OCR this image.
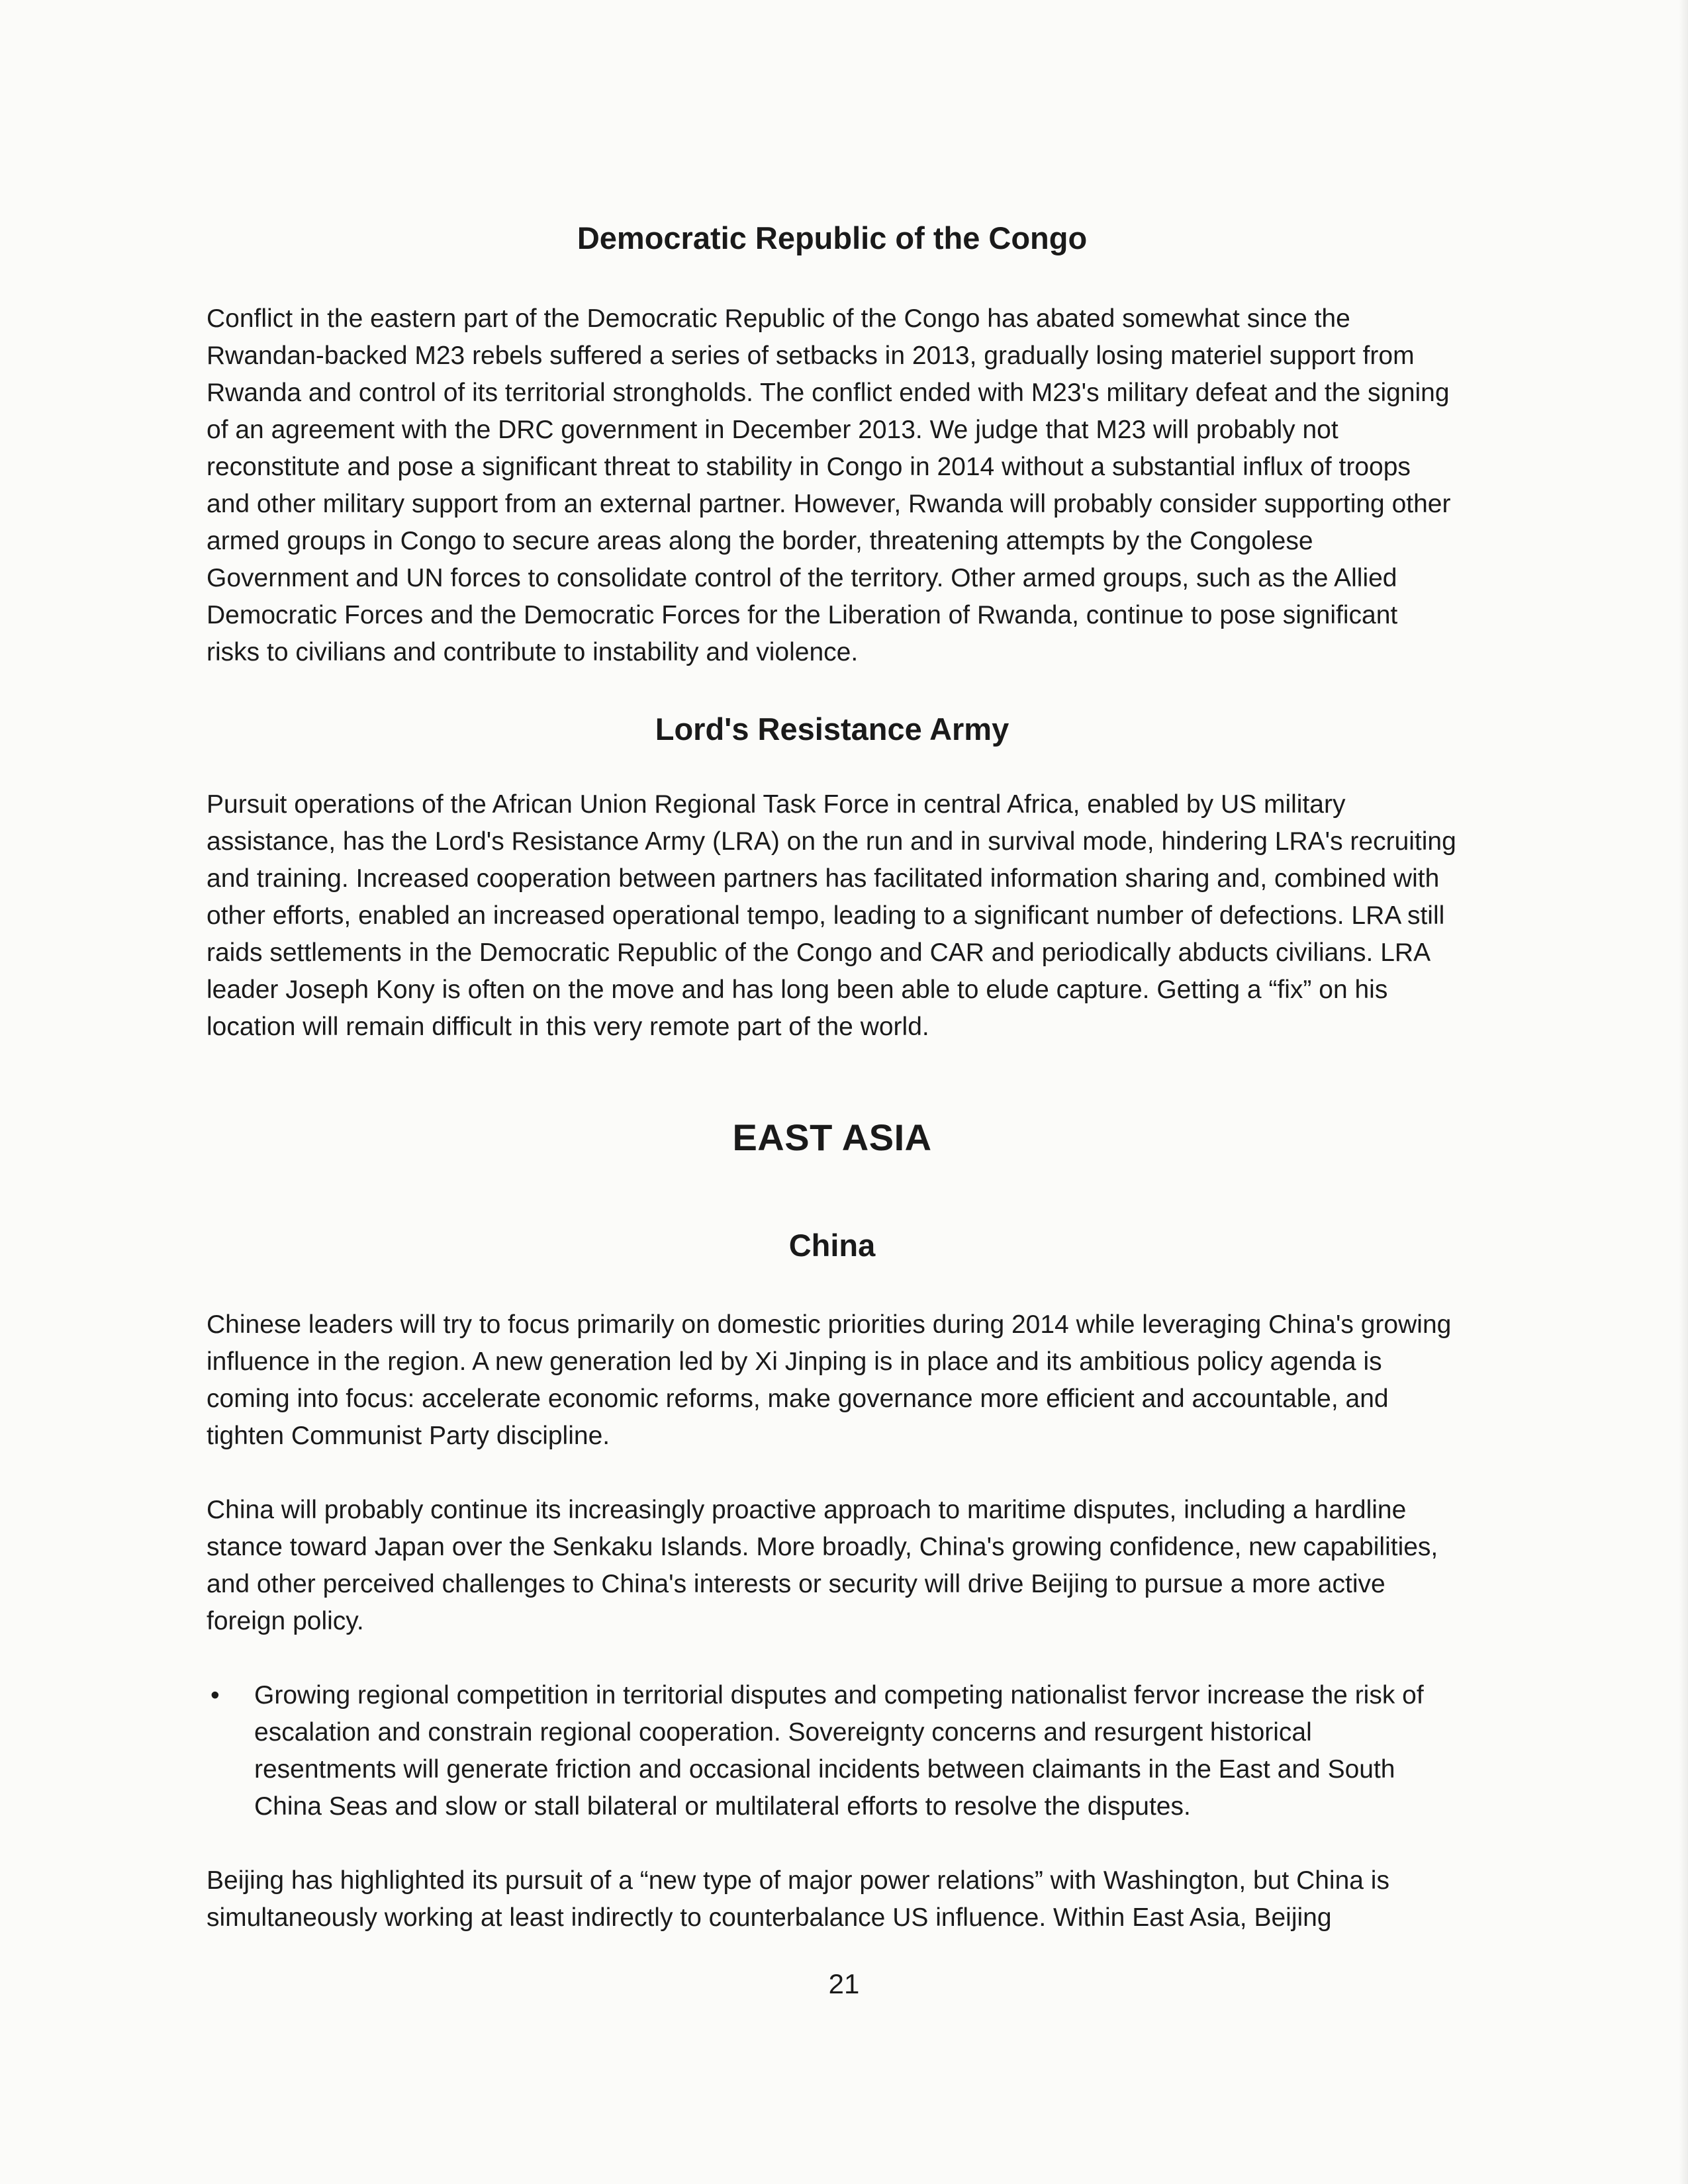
Democratic Republic of the Congo

Conflict in the eastern part of the Democratic Republic of the Congo has abated somewhat since the Rwandan-backed M23 rebels suffered a series of setbacks in 2013, gradually losing materiel support from Rwanda and control of its territorial strongholds. The conflict ended with M23's military defeat and the signing of an agreement with the DRC government in December 2013. We judge that M23 will probably not reconstitute and pose a significant threat to stability in Congo in 2014 without a substantial influx of troops and other military support from an external partner. However, Rwanda will probably consider supporting other armed groups in Congo to secure areas along the border, threatening attempts by the Congolese Government and UN forces to consolidate control of the territory. Other armed groups, such as the Allied Democratic Forces and the Democratic Forces for the Liberation of Rwanda, continue to pose significant risks to civilians and contribute to instability and violence.

Lord's Resistance Army

Pursuit operations of the African Union Regional Task Force in central Africa, enabled by US military assistance, has the Lord's Resistance Army (LRA) on the run and in survival mode, hindering LRA's recruiting and training. Increased cooperation between partners has facilitated information sharing and, combined with other efforts, enabled an increased operational tempo, leading to a significant number of defections. LRA still raids settlements in the Democratic Republic of the Congo and CAR and periodically abducts civilians. LRA leader Joseph Kony is often on the move and has long been able to elude capture. Getting a “fix” on his location will remain difficult in this very remote part of the world.

EAST ASIA
China

Chinese leaders will try to focus primarily on domestic priorities during 2014 while leveraging China's growing influence in the region. A new generation led by Xi Jinping is in place and its ambitious policy agenda is coming into focus: accelerate economic reforms, make governance more efficient and accountable, and tighten Communist Party discipline.

China will probably continue its increasingly proactive approach to maritime disputes, including a hardline stance toward Japan over the Senkaku Islands. More broadly, China's growing confidence, new capabilities, and other perceived challenges to China's interests or security will drive Beijing to pursue a more active foreign policy.

• Growing regional competition in territorial disputes and competing nationalist fervor increase the risk of escalation and constrain regional cooperation. Sovereignty concerns and resurgent historical resentments will generate friction and occasional incidents between claimants in the East and South China Seas and slow or stall bilateral or multilateral efforts to resolve the disputes.

Beijing has highlighted its pursuit of a “new type of major power relations” with Washington, but China is simultaneously working at least indirectly to counterbalance US influence. Within East Asia, Beijing

21
